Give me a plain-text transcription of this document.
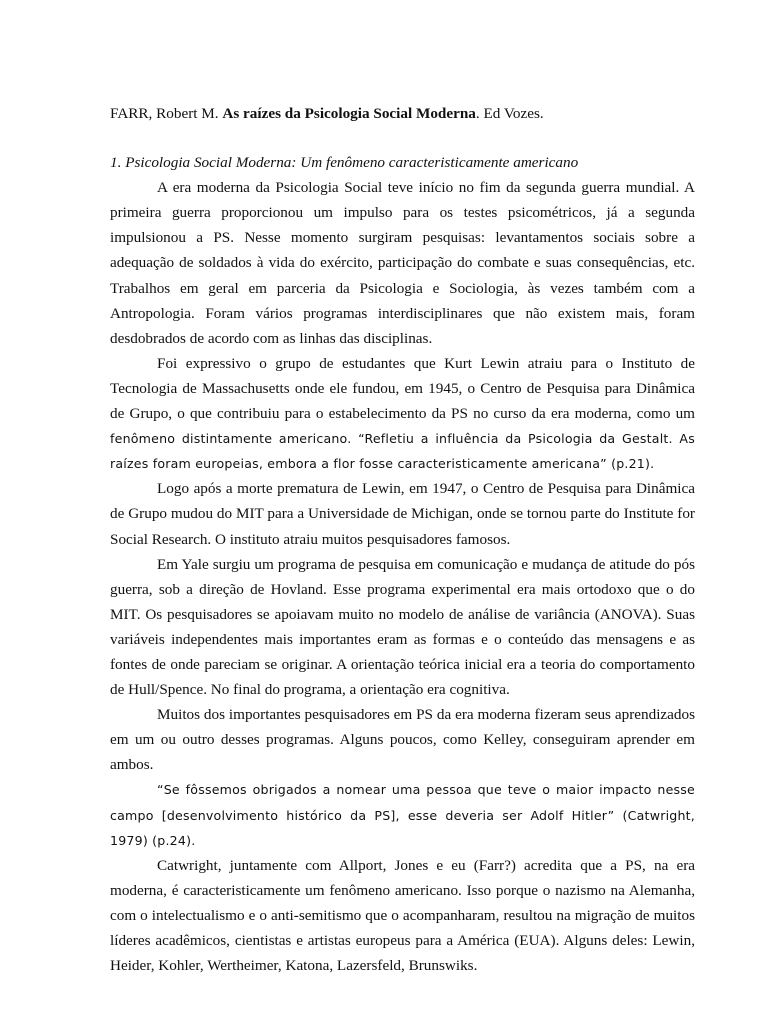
FARR, Robert M. As raízes da Psicologia Social Moderna. Ed Vozes.

1. Psicologia Social Moderna: Um fenômeno caracteristicamente americano

A era moderna da Psicologia Social teve início no fim da segunda guerra mundial. A primeira guerra proporcionou um impulso para os testes psicométricos, já a segunda impulsionou a PS. Nesse momento surgiram pesquisas: levantamentos sociais sobre a adequação de soldados à vida do exército, participação do combate e suas consequências, etc. Trabalhos em geral em parceria da Psicologia e Sociologia, às vezes também com a Antropologia. Foram vários programas interdisciplinares que não existem mais, foram desdobrados de acordo com as linhas das disciplinas.

Foi expressivo o grupo de estudantes que Kurt Lewin atraiu para o Instituto de Tecnologia de Massachusetts onde ele fundou, em 1945, o Centro de Pesquisa para Dinâmica de Grupo, o que contribuiu para o estabelecimento da PS no curso da era moderna, como um fenômeno distintamente americano. “Refletiu a influência da Psicologia da Gestalt. As raízes foram europeias, embora a flor fosse caracteristicamente americana” (p.21).

Logo após a morte prematura de Lewin, em 1947, o Centro de Pesquisa para Dinâmica de Grupo mudou do MIT para a Universidade de Michigan, onde se tornou parte do Institute for Social Research. O instituto atraiu muitos pesquisadores famosos.

Em Yale surgiu um programa de pesquisa em comunicação e mudança de atitude do pós guerra, sob a direção de Hovland. Esse programa experimental era mais ortodoxo que o do MIT. Os pesquisadores se apoiavam muito no modelo de análise de variância (ANOVA). Suas variáveis independentes mais importantes eram as formas e o conteúdo das mensagens e as fontes de onde pareciam se originar. A orientação teórica inicial era a teoria do comportamento de Hull/Spence. No final do programa, a orientação era cognitiva.

Muitos dos importantes pesquisadores em PS da era moderna fizeram seus aprendizados em um ou outro desses programas. Alguns poucos, como Kelley, conseguiram aprender em ambos.

“Se fôssemos obrigados a nomear uma pessoa que teve o maior impacto nesse campo [desenvolvimento histórico da PS], esse deveria ser Adolf Hitler” (Catwright, 1979) (p.24).

Catwright, juntamente com Allport, Jones e eu (Farr?) acredita que a PS, na era moderna, é caracteristicamente um fenômeno americano. Isso porque o nazismo na Alemanha, com o intelectualismo e o anti-semitismo que o acompanharam, resultou na migração de muitos líderes acadêmicos, cientistas e artistas europeus para a América (EUA). Alguns deles: Lewin, Heider, Kohler, Wertheimer, Katona, Lazersfeld, Brunswiks.
